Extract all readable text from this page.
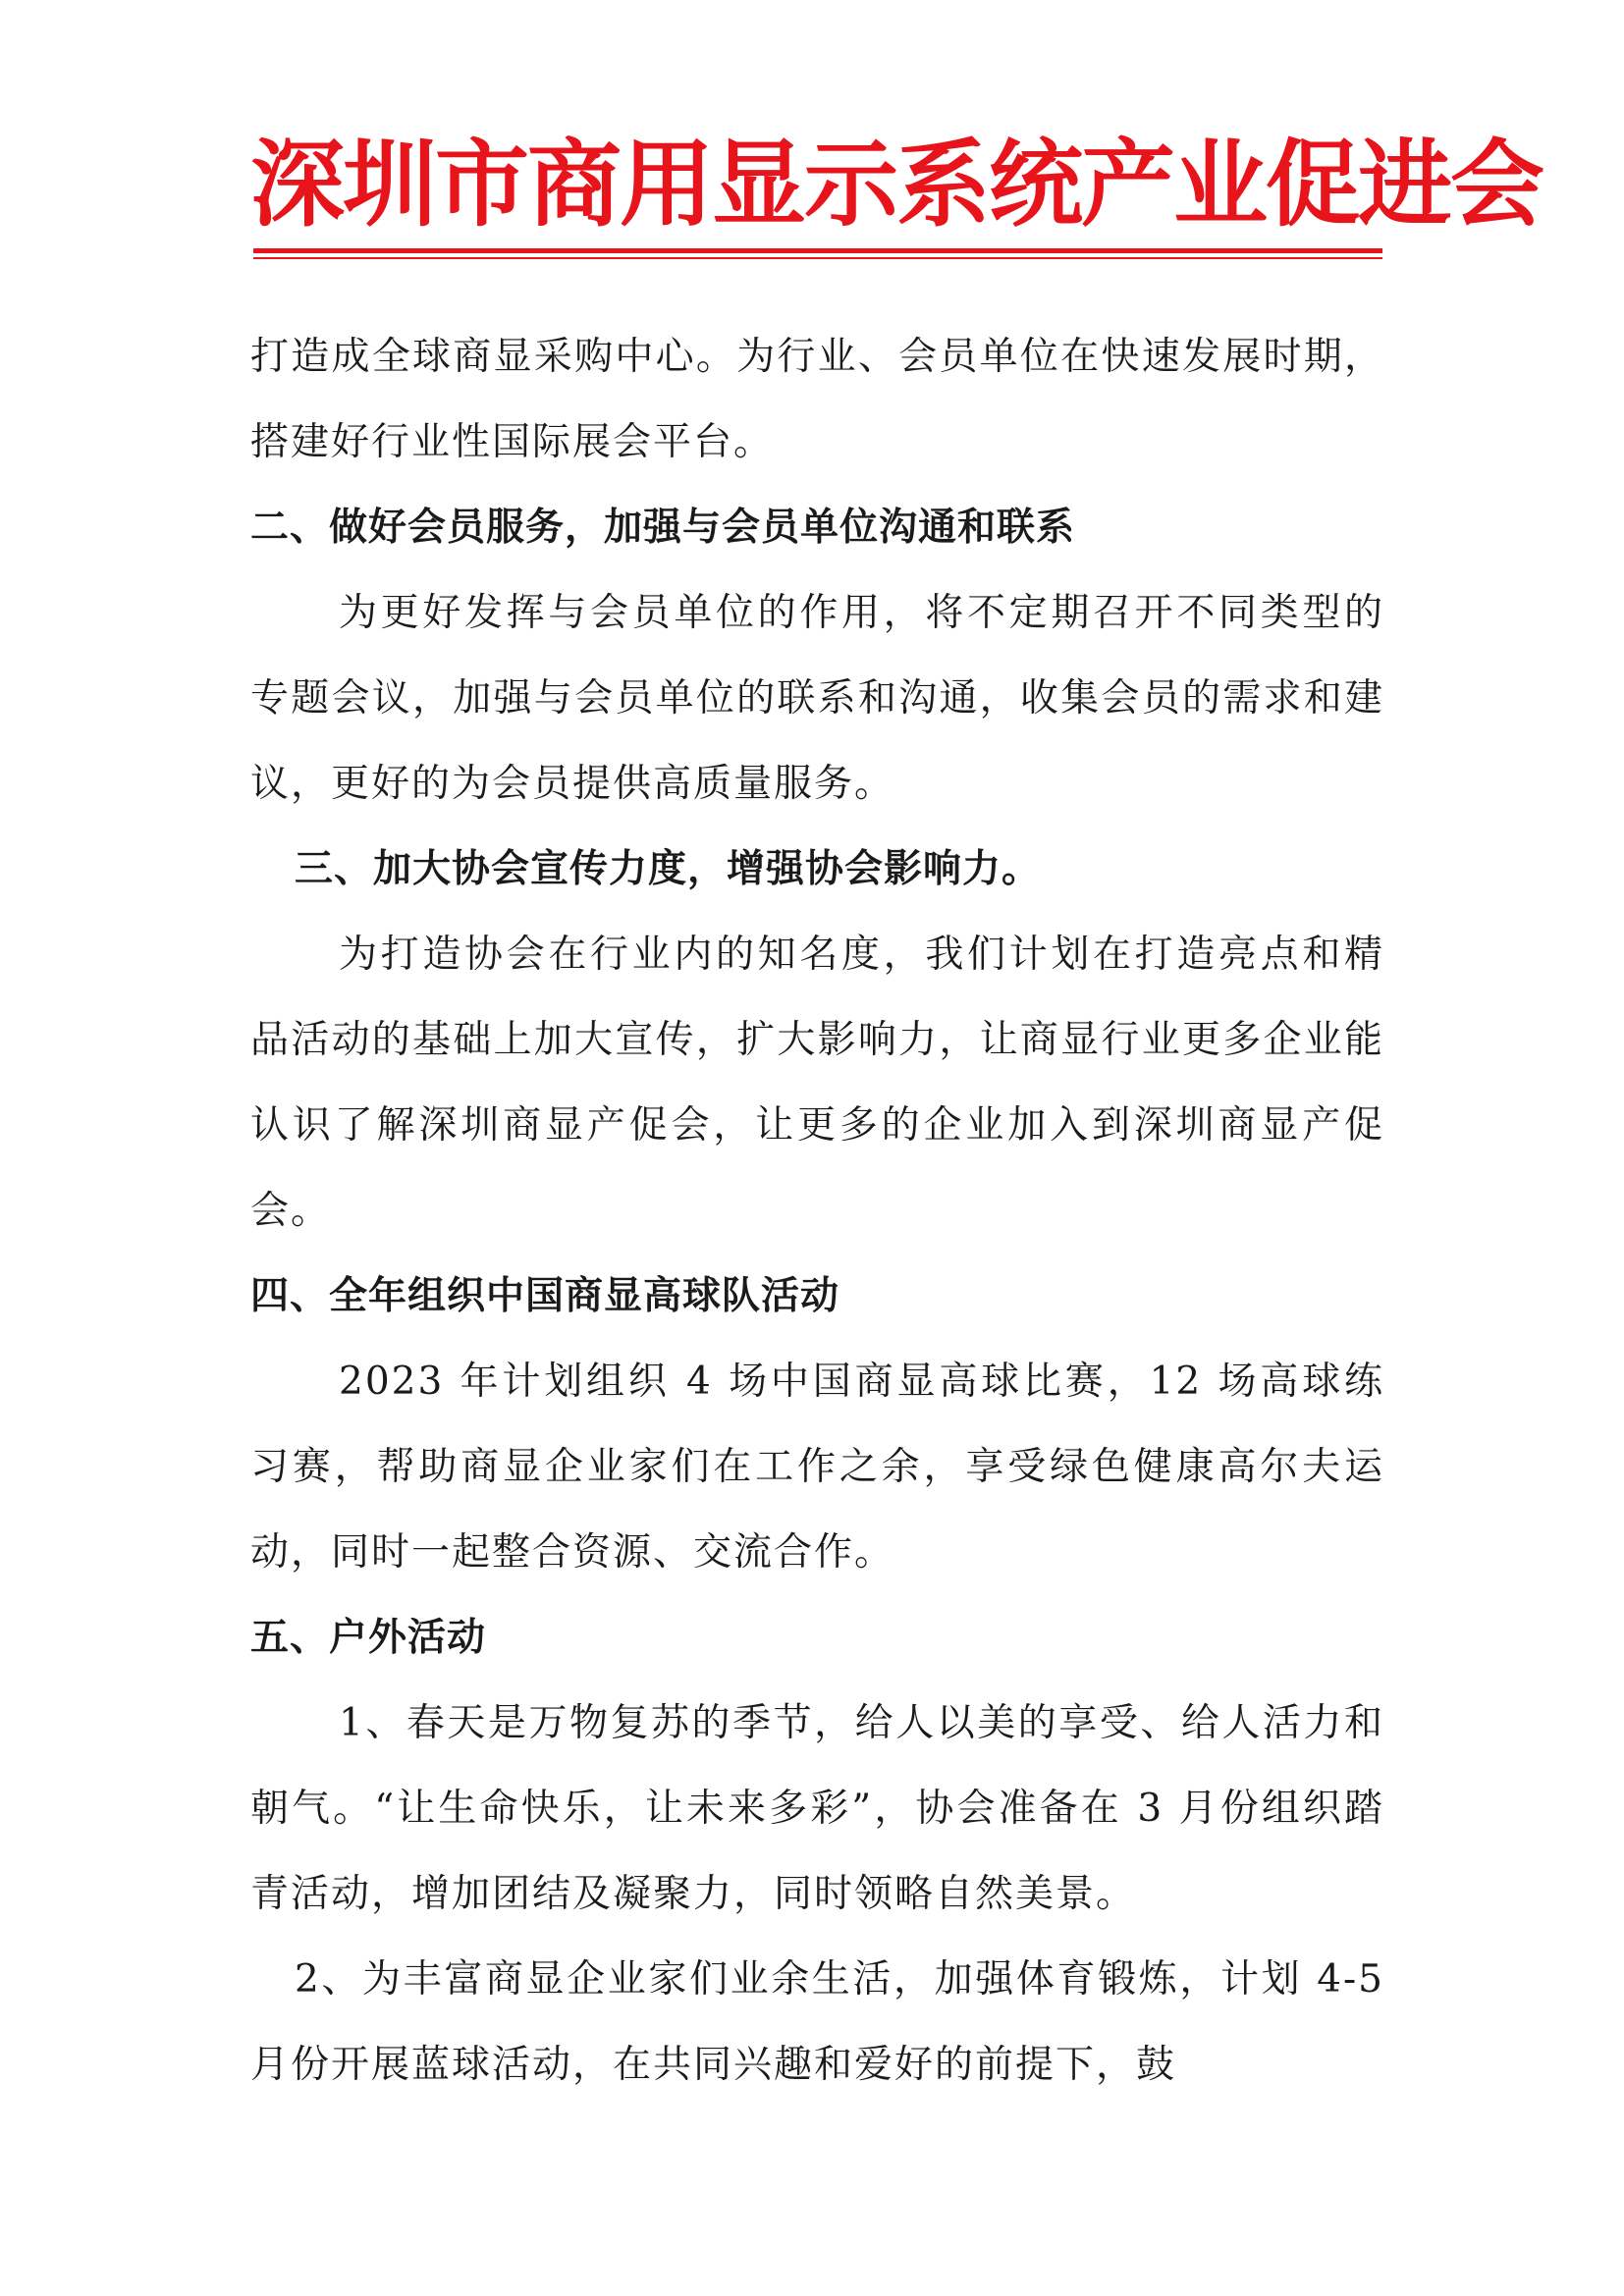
深圳市商用显示系统产业促进会

打造成全球商显采购中心。为行业、会员单位在快速发展时期，搭建好行业性国际展会平台。

二、做好会员服务，加强与会员单位沟通和联系

为更好发挥与会员单位的作用，将不定期召开不同类型的专题会议，加强与会员单位的联系和沟通，收集会员的需求和建议，更好的为会员提供高质量服务。

三、加大协会宣传力度，增强协会影响力。

为打造协会在行业内的知名度，我们计划在打造亮点和精品活动的基础上加大宣传，扩大影响力，让商显行业更多企业能认识了解深圳商显产促会，让更多的企业加入到深圳商显产促会。

四、全年组织中国商显高球队活动

2023 年计划组织 4 场中国商显高球比赛，12 场高球练习赛，帮助商显企业家们在工作之余，享受绿色健康高尔夫运动，同时一起整合资源、交流合作。

五、户外活动

1、春天是万物复苏的季节，给人以美的享受、给人活力和朝气。“让生命快乐，让未来多彩”，协会准备在 3 月份组织踏青活动，增加团结及凝聚力，同时领略自然美景。

2、为丰富商显企业家们业余生活，加强体育锻炼，计划 4-5 月份开展蓝球活动，在共同兴趣和爱好的前提下，鼓
